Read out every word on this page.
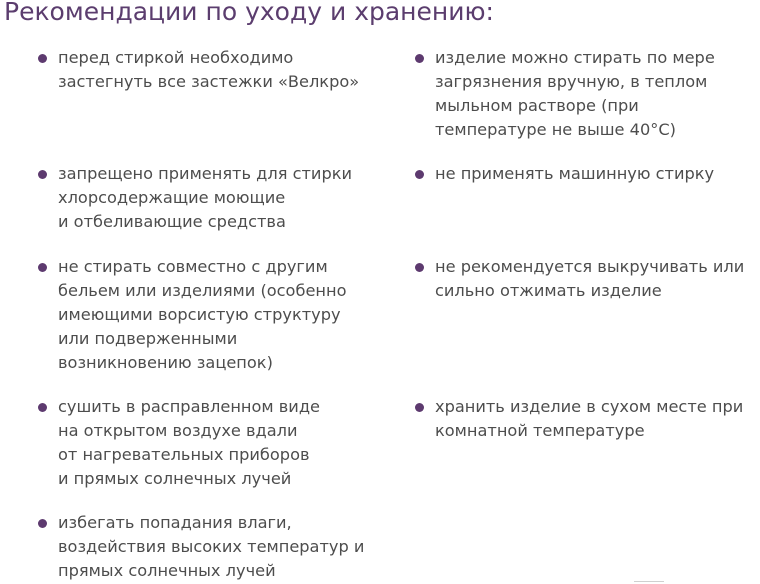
Рекомендации по уходу и хранению:
перед стиркой необходимо
застегнуть все застежки «Велкро»
запрещено применять для стирки
хлорсодержащие моющие
и отбеливающие средства
не стирать совместно с другим
бельем или изделиями (особенно
имеющими ворсистую структуру
или подверженными
возникновению зацепок)
сушить в расправленном виде
на открытом воздухе вдали
от нагревательных приборов
и прямых солнечных лучей
избегать попадания влаги,
воздействия высоких температур и
прямых солнечных лучей
изделие можно стирать по мере
загрязнения вручную, в теплом
мыльном растворе (при
температуре не выше 40°С)
не применять машинную стирку
не рекомендуется выкручивать или
сильно отжимать изделие
хранить изделие в сухом месте при
комнатной температуре
